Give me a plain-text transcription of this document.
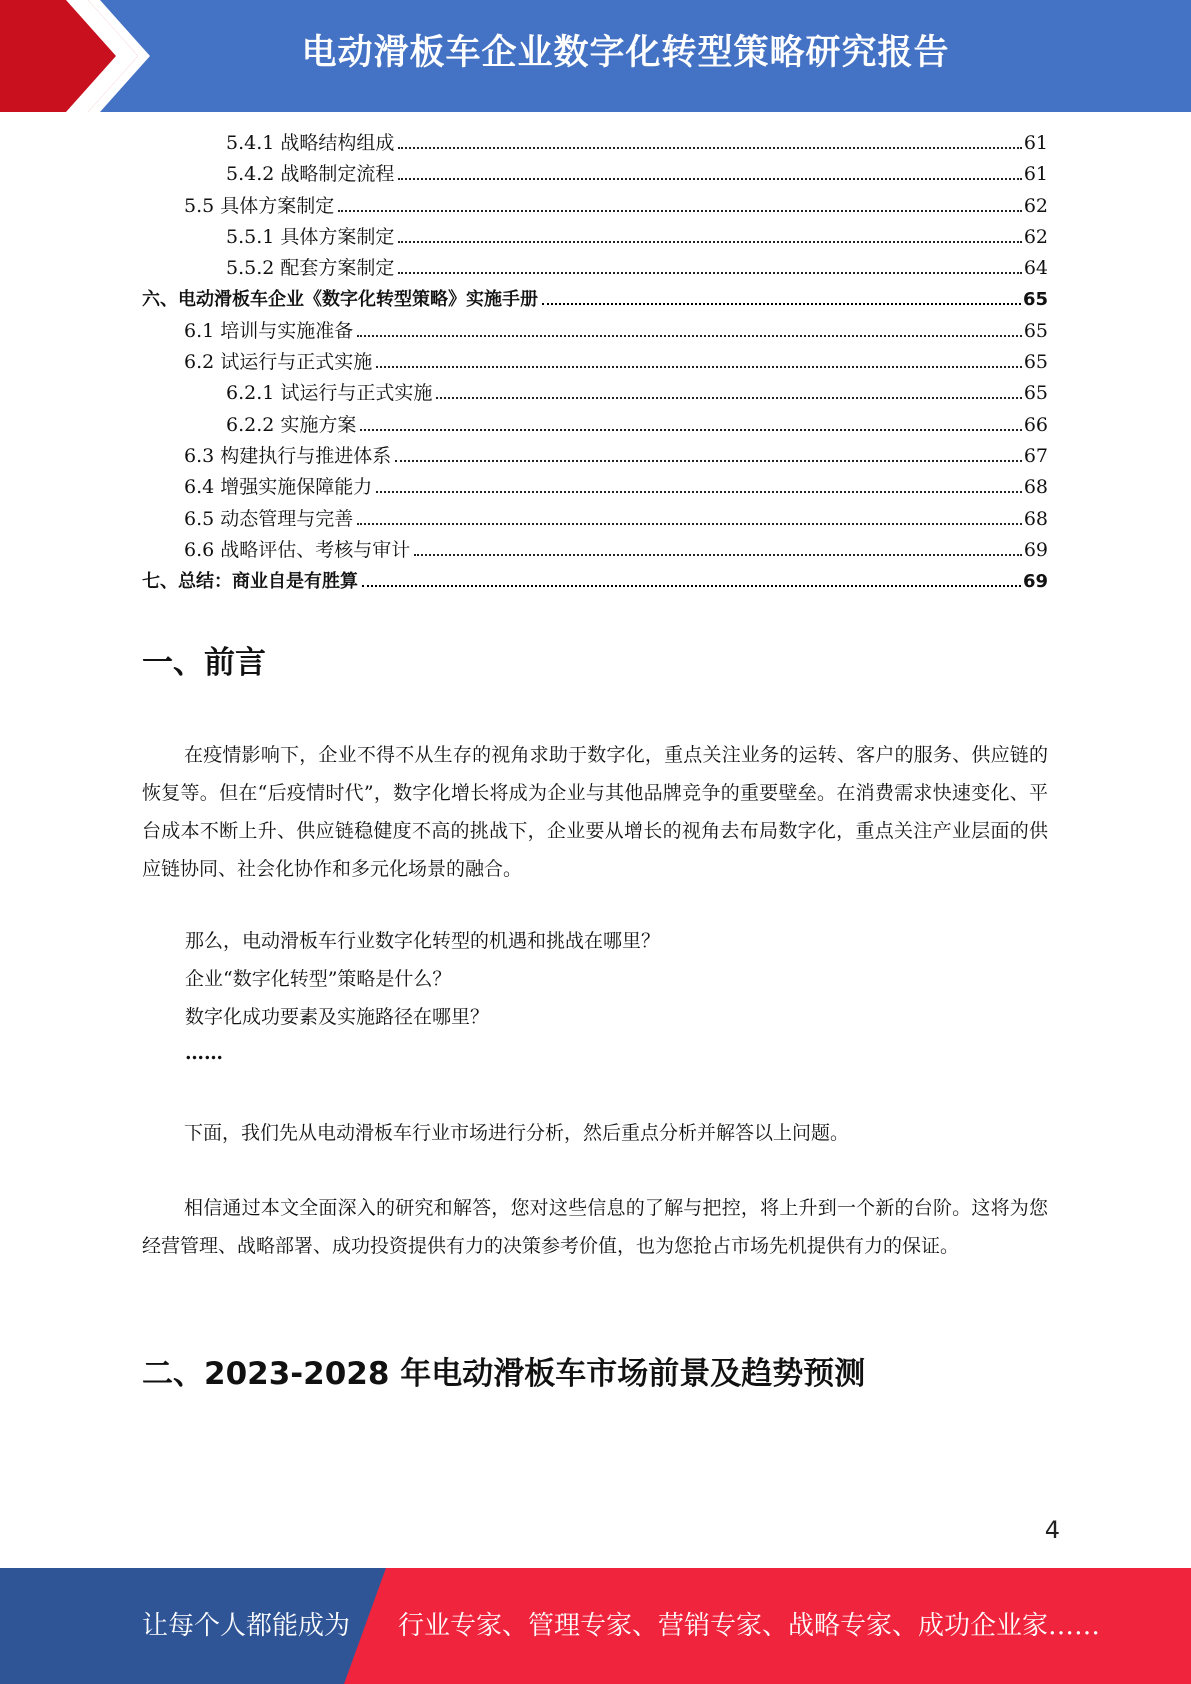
电动滑板车企业数字化转型策略研究报告
5.4.1 战略结构组成	61
5.4.2 战略制定流程	61
5.5 具体方案制定	62
5.5.1 具体方案制定	62
5.5.2 配套方案制定	64
六、电动滑板车企业《数字化转型策略》实施手册	65
6.1 培训与实施准备	65
6.2 试运行与正式实施	65
6.2.1 试运行与正式实施	65
6.2.2 实施方案	66
6.3 构建执行与推进体系	67
6.4 增强实施保障能力	68
6.5 动态管理与完善	68
6.6 战略评估、考核与审计	69
七、总结：商业自是有胜算	69
一、前言
在疫情影响下，企业不得不从生存的视角求助于数字化，重点关注业务的运转、客户的服务、供应链的恢复等。但在“后疫情时代”，数字化增长将成为企业与其他品牌竞争的重要壁垒。在消费需求快速变化、平台成本不断上升、供应链稳健度不高的挑战下，企业要从增长的视角去布局数字化，重点关注产业层面的供应链协同、社会化协作和多元化场景的融合。
那么，电动滑板车行业数字化转型的机遇和挑战在哪里？
企业“数字化转型”策略是什么？
数字化成功要素及实施路径在哪里？
……
下面，我们先从电动滑板车行业市场进行分析，然后重点分析并解答以上问题。
相信通过本文全面深入的研究和解答，您对这些信息的了解与把控，将上升到一个新的台阶。这将为您经营管理、战略部署、成功投资提供有力的决策参考价值，也为您抢占市场先机提供有力的保证。
二、2023-2028 年电动滑板车市场前景及趋势预测
4
让每个人都能成为 行业专家、管理专家、营销专家、战略专家、成功企业家……
